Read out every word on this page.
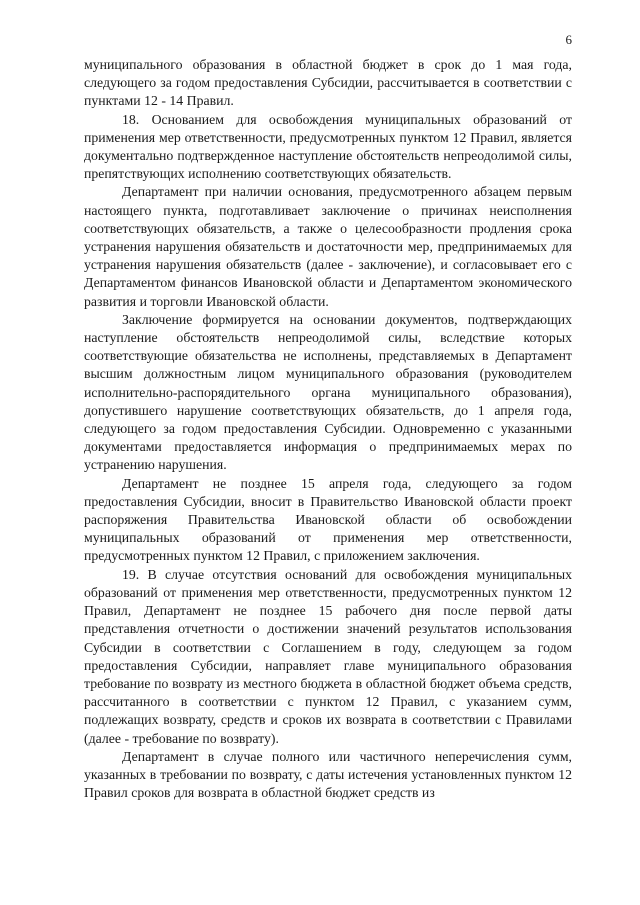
6

муниципального образования в областной бюджет в срок до 1 мая года, следующего за годом предоставления Субсидии, рассчитывается в соответствии с пунктами 12 - 14 Правил.

18. Основанием для освобождения муниципальных образований от применения мер ответственности, предусмотренных пунктом 12 Правил, является документально подтвержденное наступление обстоятельств непреодолимой силы, препятствующих исполнению соответствующих обязательств.

Департамент при наличии основания, предусмотренного абзацем первым настоящего пункта, подготавливает заключение о причинах неисполнения соответствующих обязательств, а также о целесообразности продления срока устранения нарушения обязательств и достаточности мер, предпринимаемых для устранения нарушения обязательств (далее - заключение), и согласовывает его с Департаментом финансов Ивановской области и Департаментом экономического развития и торговли Ивановской области.

Заключение формируется на основании документов, подтверждающих наступление обстоятельств непреодолимой силы, вследствие которых соответствующие обязательства не исполнены, представляемых в Департамент высшим должностным лицом муниципального образования (руководителем исполнительно-распорядительного органа муниципального образования), допустившего нарушение соответствующих обязательств, до 1 апреля года, следующего за годом предоставления Субсидии. Одновременно с указанными документами предоставляется информация о предпринимаемых мерах по устранению нарушения.

Департамент не позднее 15 апреля года, следующего за годом предоставления Субсидии, вносит в Правительство Ивановской области проект распоряжения Правительства Ивановской области об освобождении муниципальных образований от применения мер ответственности, предусмотренных пунктом 12 Правил, с приложением заключения.

19. В случае отсутствия оснований для освобождения муниципальных образований от применения мер ответственности, предусмотренных пунктом 12 Правил, Департамент не позднее 15 рабочего дня после первой даты представления отчетности о достижении значений результатов использования Субсидии в соответствии с Соглашением в году, следующем за годом предоставления Субсидии, направляет главе муниципального образования требование по возврату из местного бюджета в областной бюджет объема средств, рассчитанного в соответствии с пунктом 12 Правил, с указанием сумм, подлежащих возврату, средств и сроков их возврата в соответствии с Правилами (далее - требование по возврату).

Департамент в случае полного или частичного неперечисления сумм, указанных в требовании по возврату, с даты истечения установленных пунктом 12 Правил сроков для возврата в областной бюджет средств из
